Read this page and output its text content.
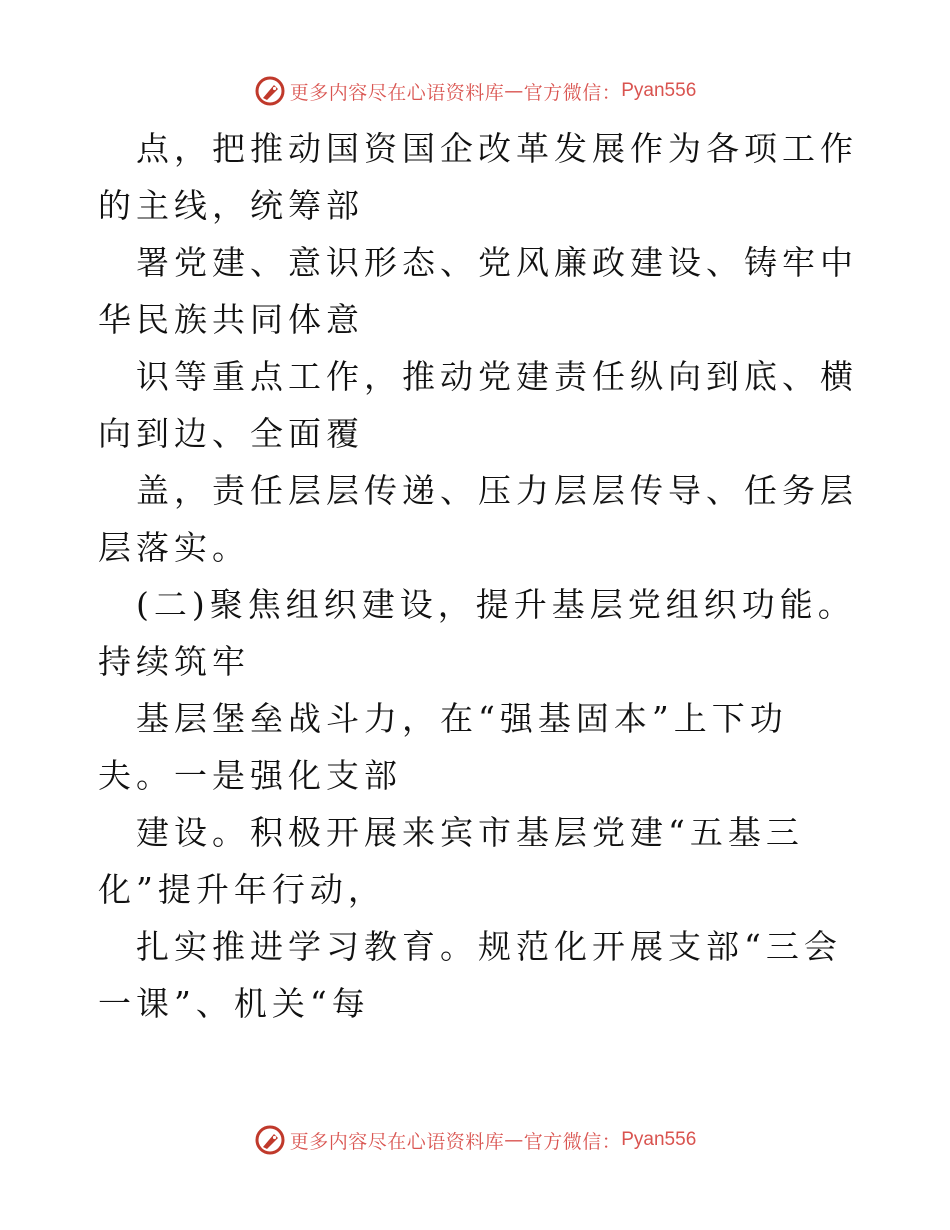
更多内容尽在心语资料库 — 官方微信： Pyan556

点，把推动国资国企改革发展作为各项工作的主线，统筹部

署党建、意识形态、党风廉政建设、铸牢中华民族共同体意

识等重点工作，推动党建责任纵向到底、横向到边、全面覆

盖，责任层层传递、压力层层传导、任务层层落实。

(二)聚焦组织建设，提升基层党组织功能。持续筑牢

基层堡垒战斗力，在“强基固本”上下功夫。一是强化支部

建设。积极开展来宾市基层党建“五基三化”提升年行动，

扎实推进学习教育。规范化开展支部“三会一课”、机关“每

更多内容尽在心语资料库 — 官方微信： Pyan556
